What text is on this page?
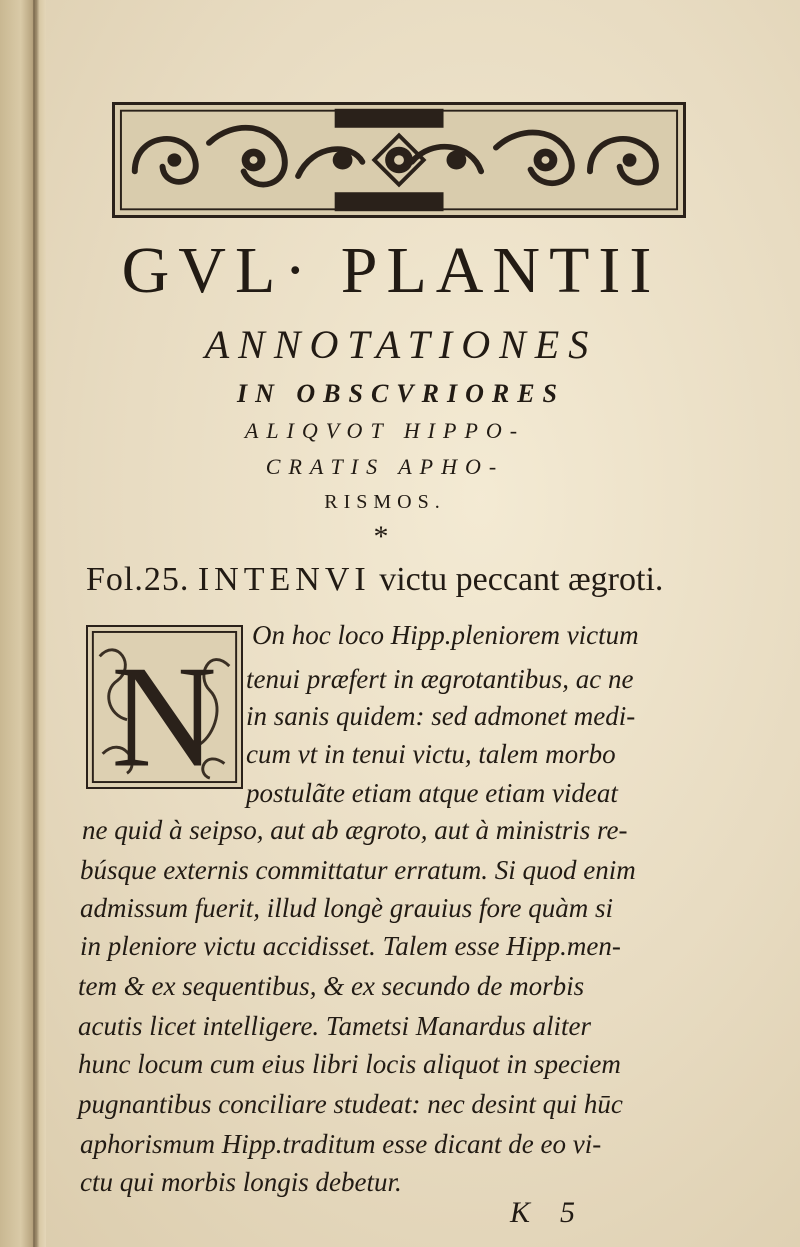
GVL· PLANTII
ANNOTATIONES
IN OBSCVRIORES
ALIQVOT HIPPO-
CRATIS APHO-
RISMOS.
*
Fol.25. INTENVI victu peccant ægroti.
N
On hoc loco Hipp.pleniorem victum
tenui præfert in ægrotantibus, ac ne
in sanis quidem: sed admonet medi-
cum vt in tenui victu, talem morbo
postulãte etiam atque etiam videat
ne quid à seipso, aut ab ægroto, aut à ministris re-
búsque externis committatur erratum. Si quod enim
admissum fuerit, illud longè grauius fore quàm si
in pleniore victu accidisset. Talem esse Hipp.men-
tem & ex sequentibus, & ex secundo de morbis
acutis licet intelligere. Tametsi Manardus aliter
hunc locum cum eius libri locis aliquot in speciem
pugnantibus conciliare studeat: nec desint qui hūc
aphorismum Hipp.traditum esse dicant de eo vi-
ctu qui morbis longis debetur.
K5
